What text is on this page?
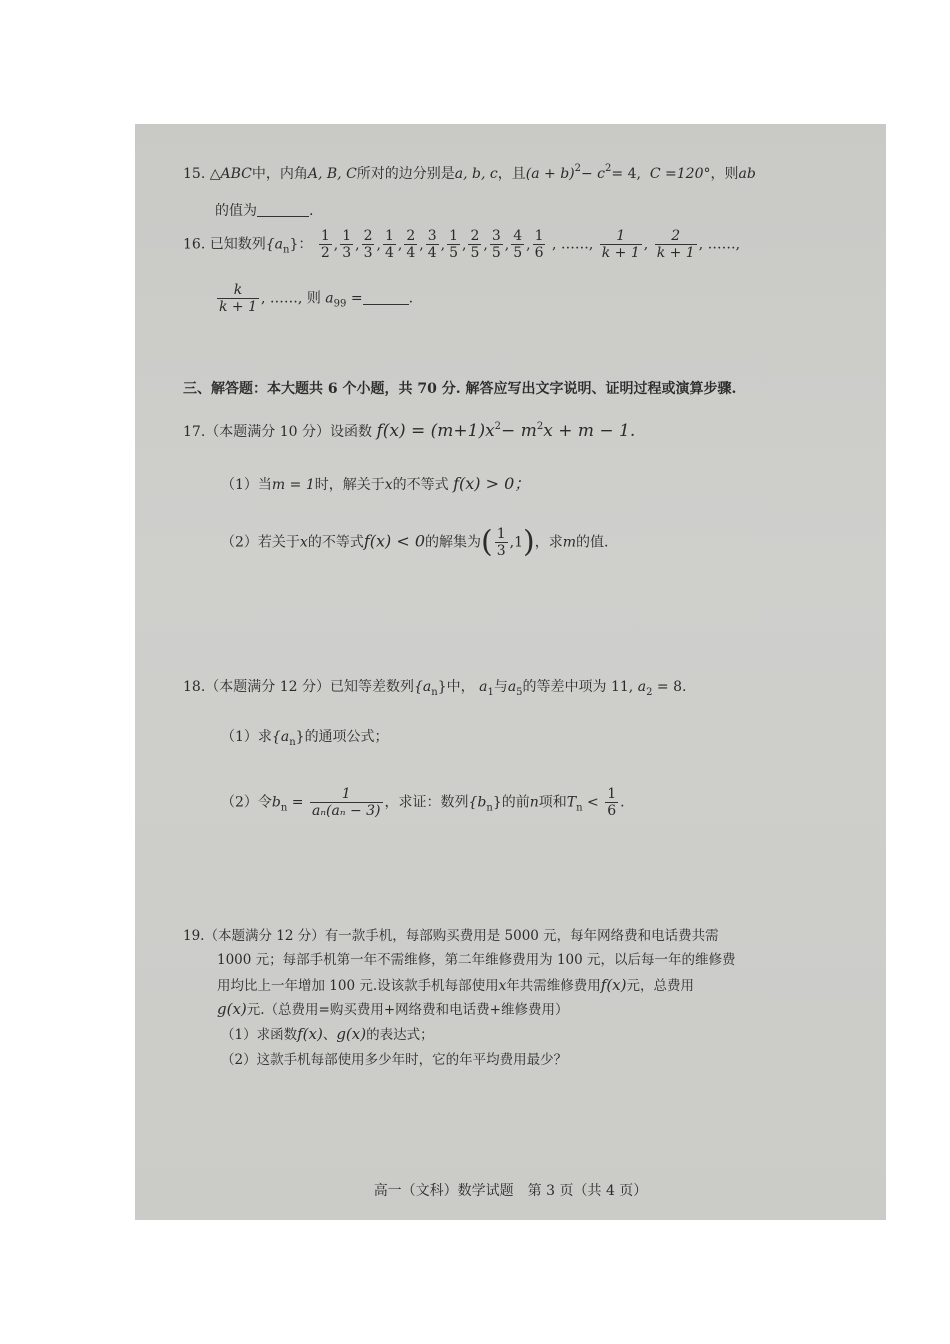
15. △ABC中，内角A, B, C所对的边分别是a, b, c，且$(a + b)^2- c^2= 4$, C =120°，则ab
的值为	.
16. 已知数列$\{a_n\}$： $\frac{1}{2}$ , $\frac{1}{3}$ , $\frac{2}{3}$ , $\frac{1}{4}$ , $\frac{2}{4}$ , $\frac{3}{4}$ , $\frac{1}{5}$ , $\frac{2}{5}$ , $\frac{3}{5}$ , $\frac{4}{5}$ , $\frac{1}{6}$ , ……, $\frac{1}{k + 1}$ , $\frac{2}{k + 1}$ , ……,
$\frac{k}{k + 1}$ , ……, 则 $a_{99}$ =	.
三、解答题：本大题共 6 个小题，共 70 分. 解答应写出文字说明、证明过程或演算步骤.
17.（本题满分 10 分）设函数 $f(x) = (m+1)x^2- m^2x + m - 1$.
（1）当m = 1时，解关于x的不等式 f(x) > 0；
（2）若关于x的不等式f(x) < 0的解集为( $\frac{1}{3} ,1$)，求m的值.
18.（本题满分 12 分）已知等差数列$\{a_n\}$中， $a_1$与$a_5$的等差中项为 11, $a_2 = 8$.
（1）求$\{a_n\}$的通项公式；
（2）令$b_n = \frac{1}{\text{aₙ(aₙ − 3)}}$ ，求证：数列$\{b_n\}$的前n项和$T_n < \frac{1}{6}$ .
19.（本题满分 12 分）有一款手机，每部购买费用是 5000 元，每年网络费和电话费共需
1000 元；每部手机第一年不需维修，第二年维修费用为 100 元，以后每一年的维修费
用均比上一年增加 100 元.设该款手机每部使用x年共需维修费用f(x)元，总费用
g(x)元.（总费用=购买费用+网络费和电话费+维修费用）
（1）求函数f(x)、g(x)的表达式；
（2）这款手机每部使用多少年时，它的年平均费用最少？
高一（文科）数学试题　第 3 页（共 4 页）
